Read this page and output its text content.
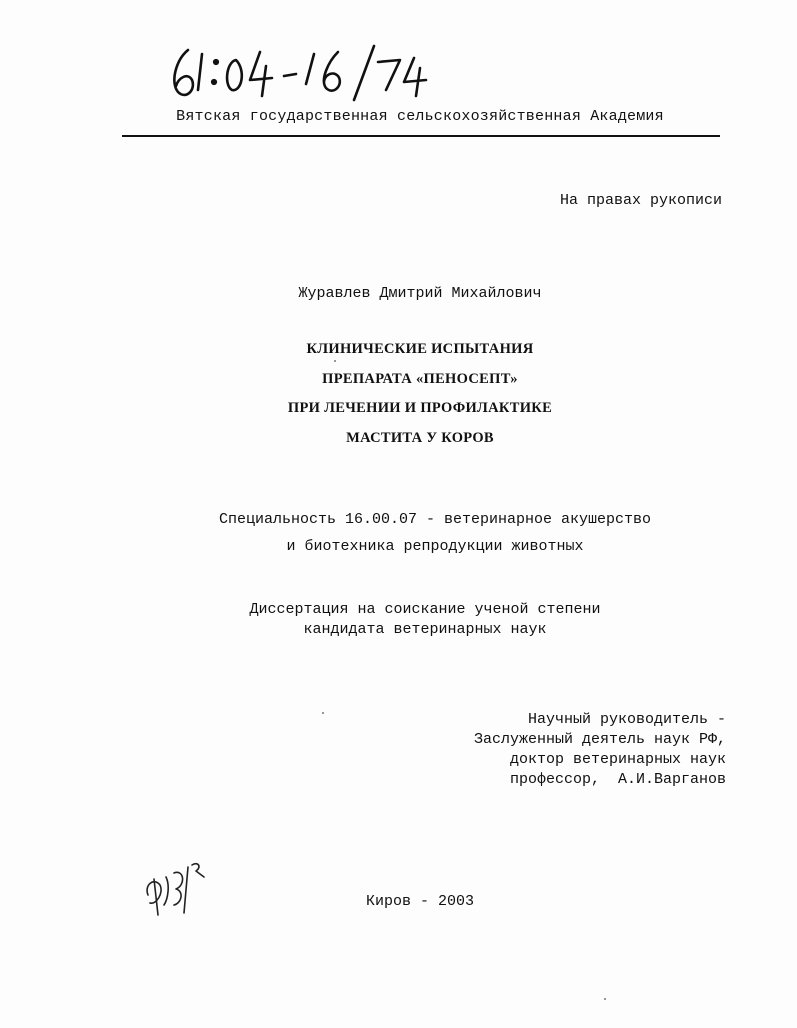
Вятская государственная сельскохозяйственная Академия
На правах рукописи
Журавлев Дмитрий Михайлович
КЛИНИЧЕСКИЕ ИСПЫТАНИЯ
ПРЕПАРАТА «ПЕНОСЕПТ»
ПРИ ЛЕЧЕНИИ И ПРОФИЛАКТИКЕ
МАСТИТА У КОРОВ
Специальность 16.00.07 - ветеринарное акушерство
и биотехника репродукции животных
Диссертация на соискание ученой степени
кандидата ветеринарных наук
Научный руководитель -
Заслуженный деятель наук РФ,
доктор ветеринарных наук
профессор,  А.И.Варганов
Киров - 2003
